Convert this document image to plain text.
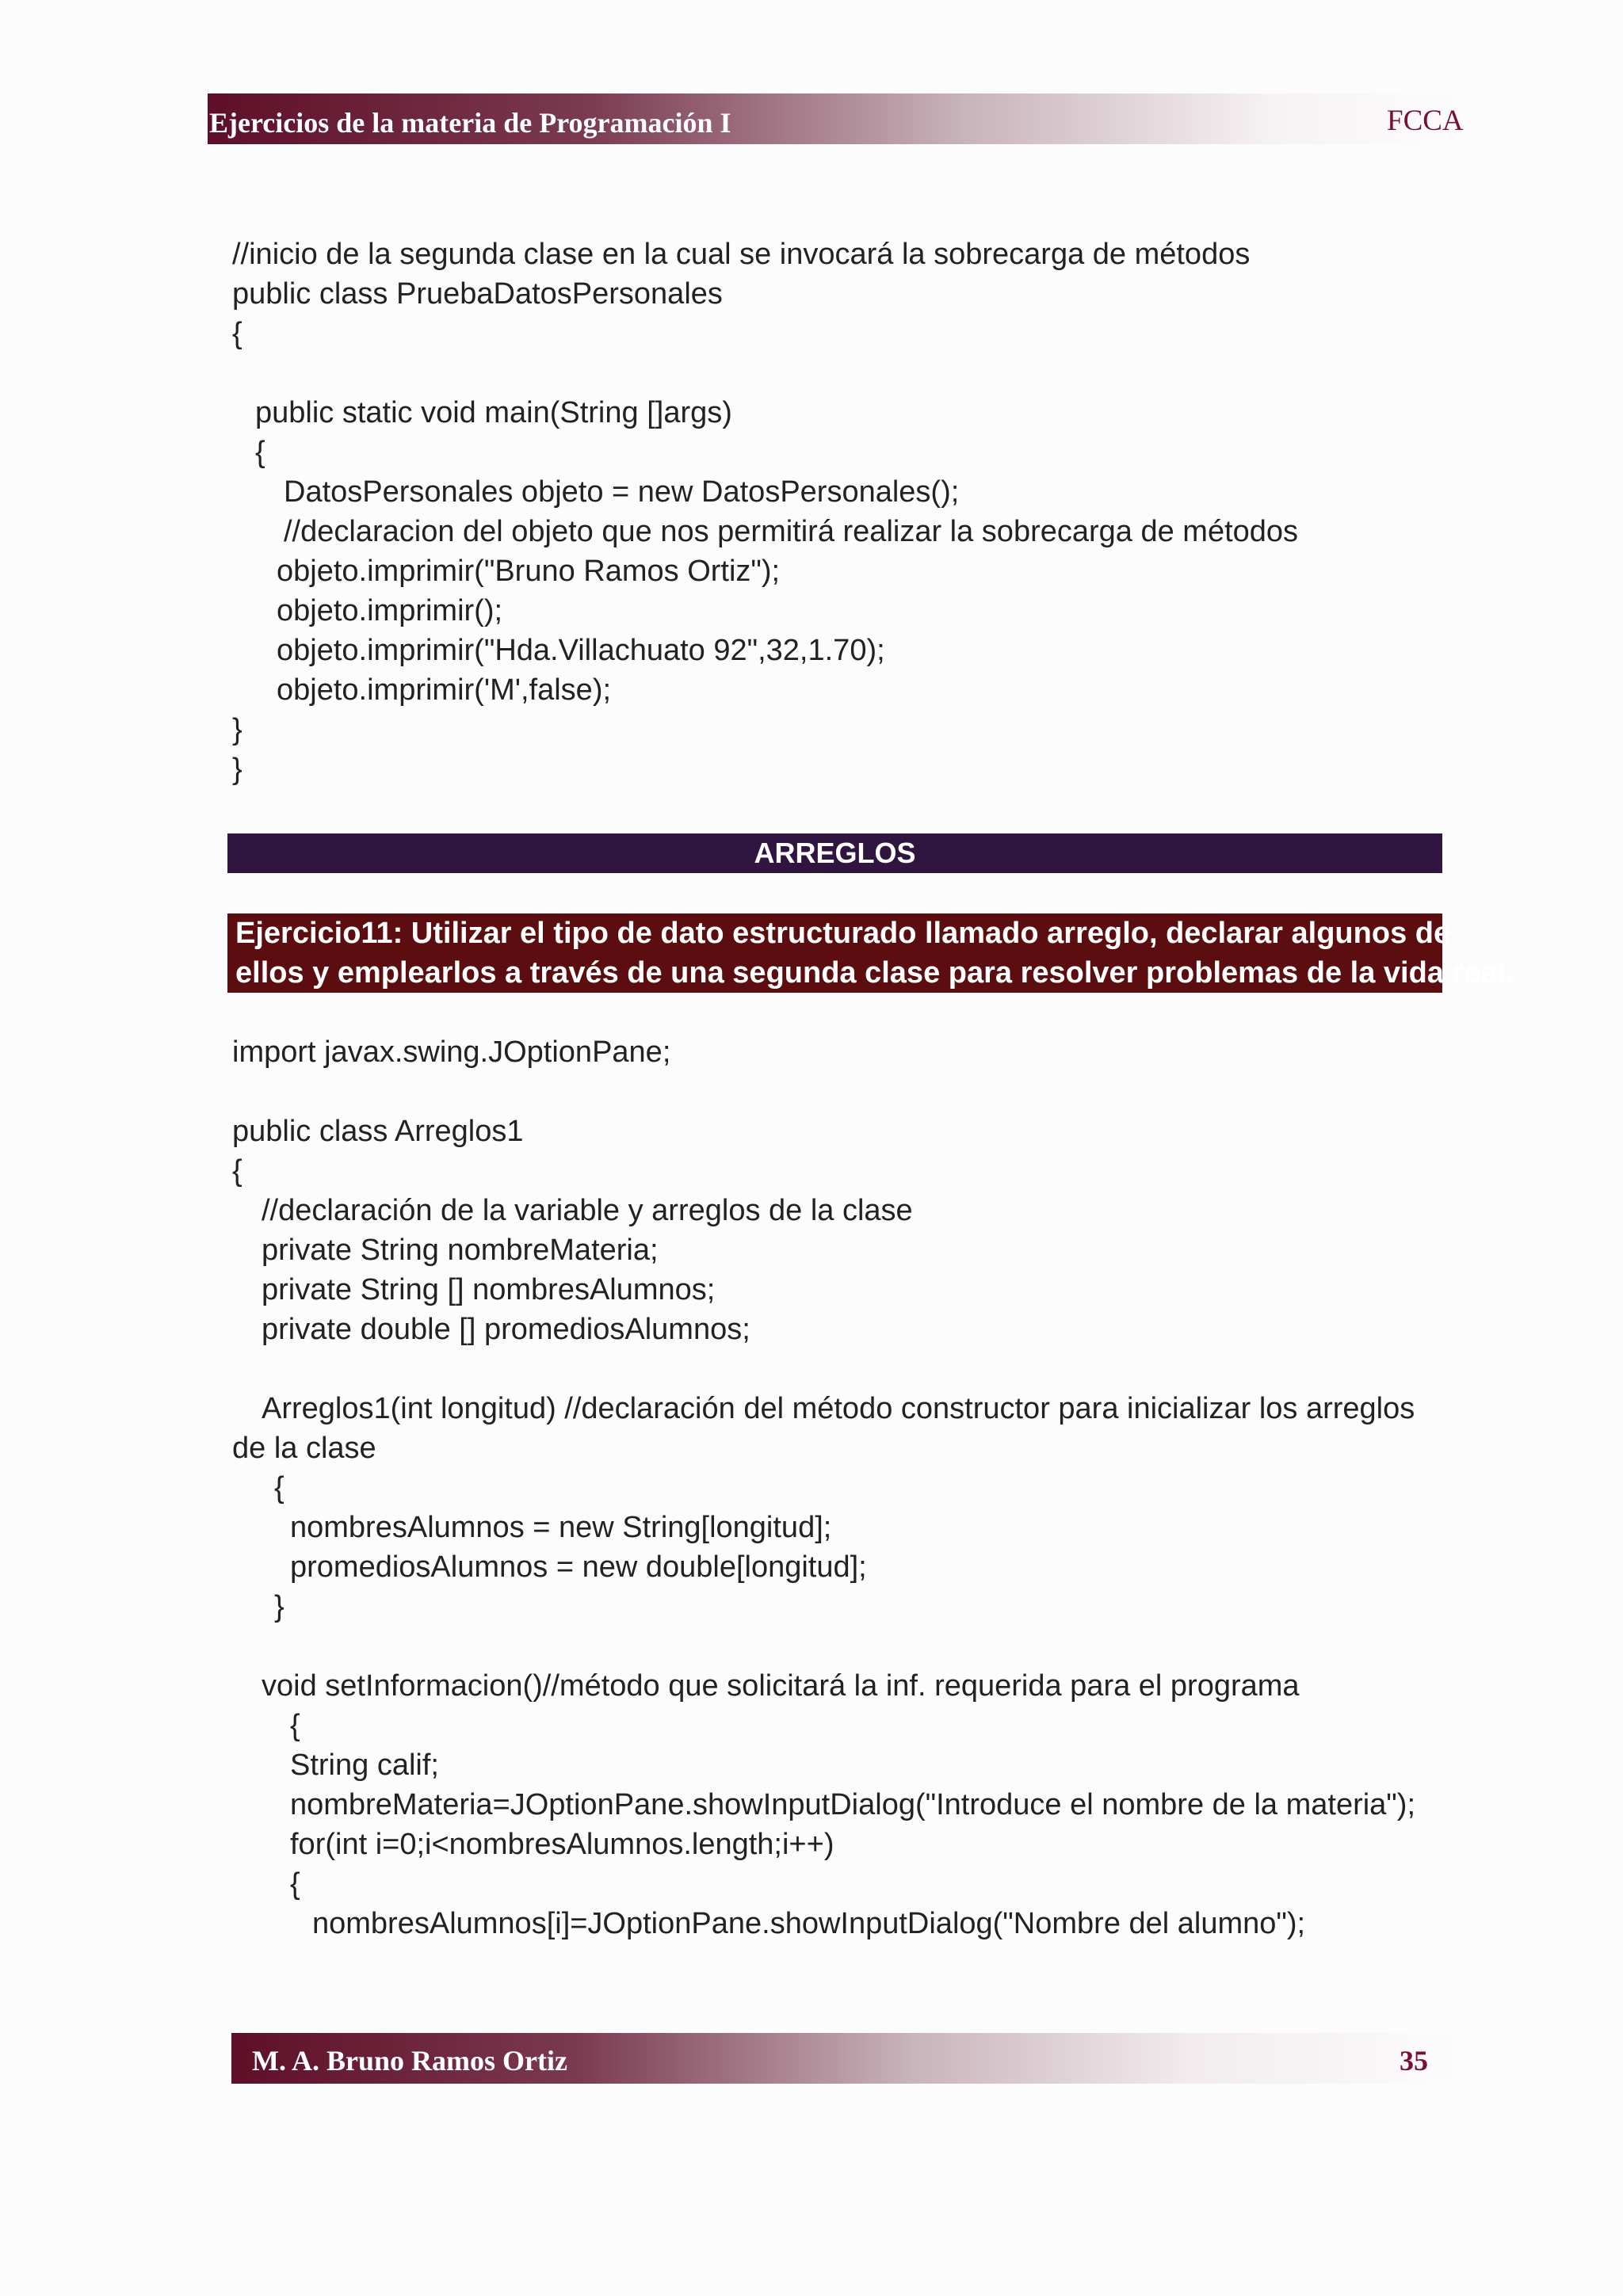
Ejercicios de la materia de Programación I	FCCA
//inicio de la segunda clase en la cual se invocará la sobrecarga de métodos
public class PruebaDatosPersonales
{
public static void main(String []args)
{
DatosPersonales objeto = new DatosPersonales();
//declaracion del objeto que nos permitirá realizar la sobrecarga de métodos
objeto.imprimir("Bruno Ramos Ortiz");
objeto.imprimir();
objeto.imprimir("Hda.Villachuato 92",32,1.70);
objeto.imprimir('M',false);
}
}
ARREGLOS
Ejercicio11: Utilizar el tipo de dato estructurado llamado arreglo, declarar algunos de
ellos y emplearlos a través de una segunda clase para resolver problemas de la vida real.
import javax.swing.JOptionPane;
public class Arreglos1
{
//declaración de la variable y arreglos de la clase
private String nombreMateria;
private String [] nombresAlumnos;
private double [] promediosAlumnos;
Arreglos1(int longitud) //declaración del método constructor para inicializar los arreglos
de la clase
{
nombresAlumnos = new String[longitud];
promediosAlumnos = new double[longitud];
}
void setInformacion()//método que solicitará la inf. requerida para el programa
{
String calif;
nombreMateria=JOptionPane.showInputDialog("Introduce el nombre de la materia");
for(int i=0;i<nombresAlumnos.length;i++)
{
nombresAlumnos[i]=JOptionPane.showInputDialog("Nombre del alumno");
M. A. Bruno Ramos Ortiz	35
